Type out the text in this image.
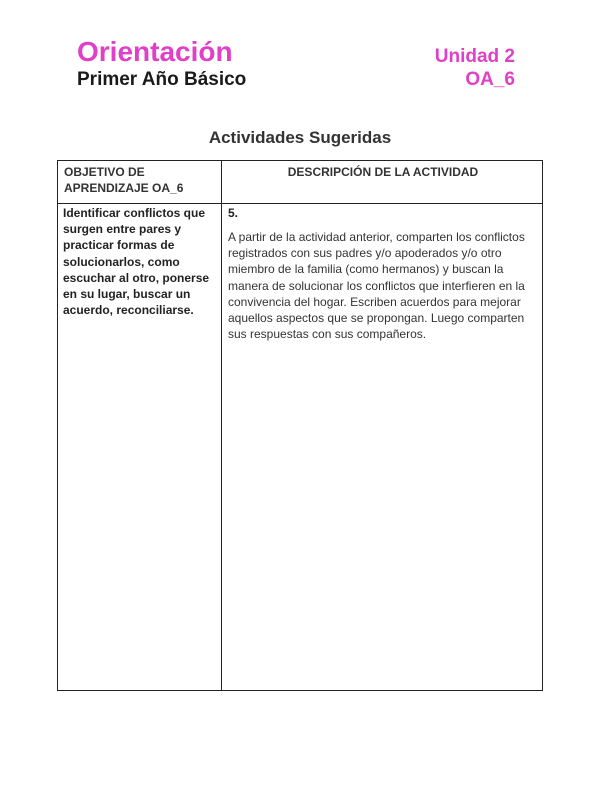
Orientación
Primer Año Básico
Unidad 2
OA_6
Actividades Sugeridas
OBJETIVO DE APRENDIZAJE OA_6
DESCRIPCIÓN DE LA ACTIVIDAD
Identificar conflictos que surgen entre pares y practicar formas de solucionarlos, como escuchar al otro, ponerse en su lugar, buscar un acuerdo, reconciliarse.
5.
A partir de la actividad anterior, comparten los conflictos registrados con sus padres y/o apoderados y/o otro miembro de la familia (como hermanos) y buscan la manera de solucionar los conflictos que interfieren en la convivencia del hogar. Escriben acuerdos para mejorar aquellos aspectos que se propongan. Luego comparten sus respuestas con sus compañeros.
